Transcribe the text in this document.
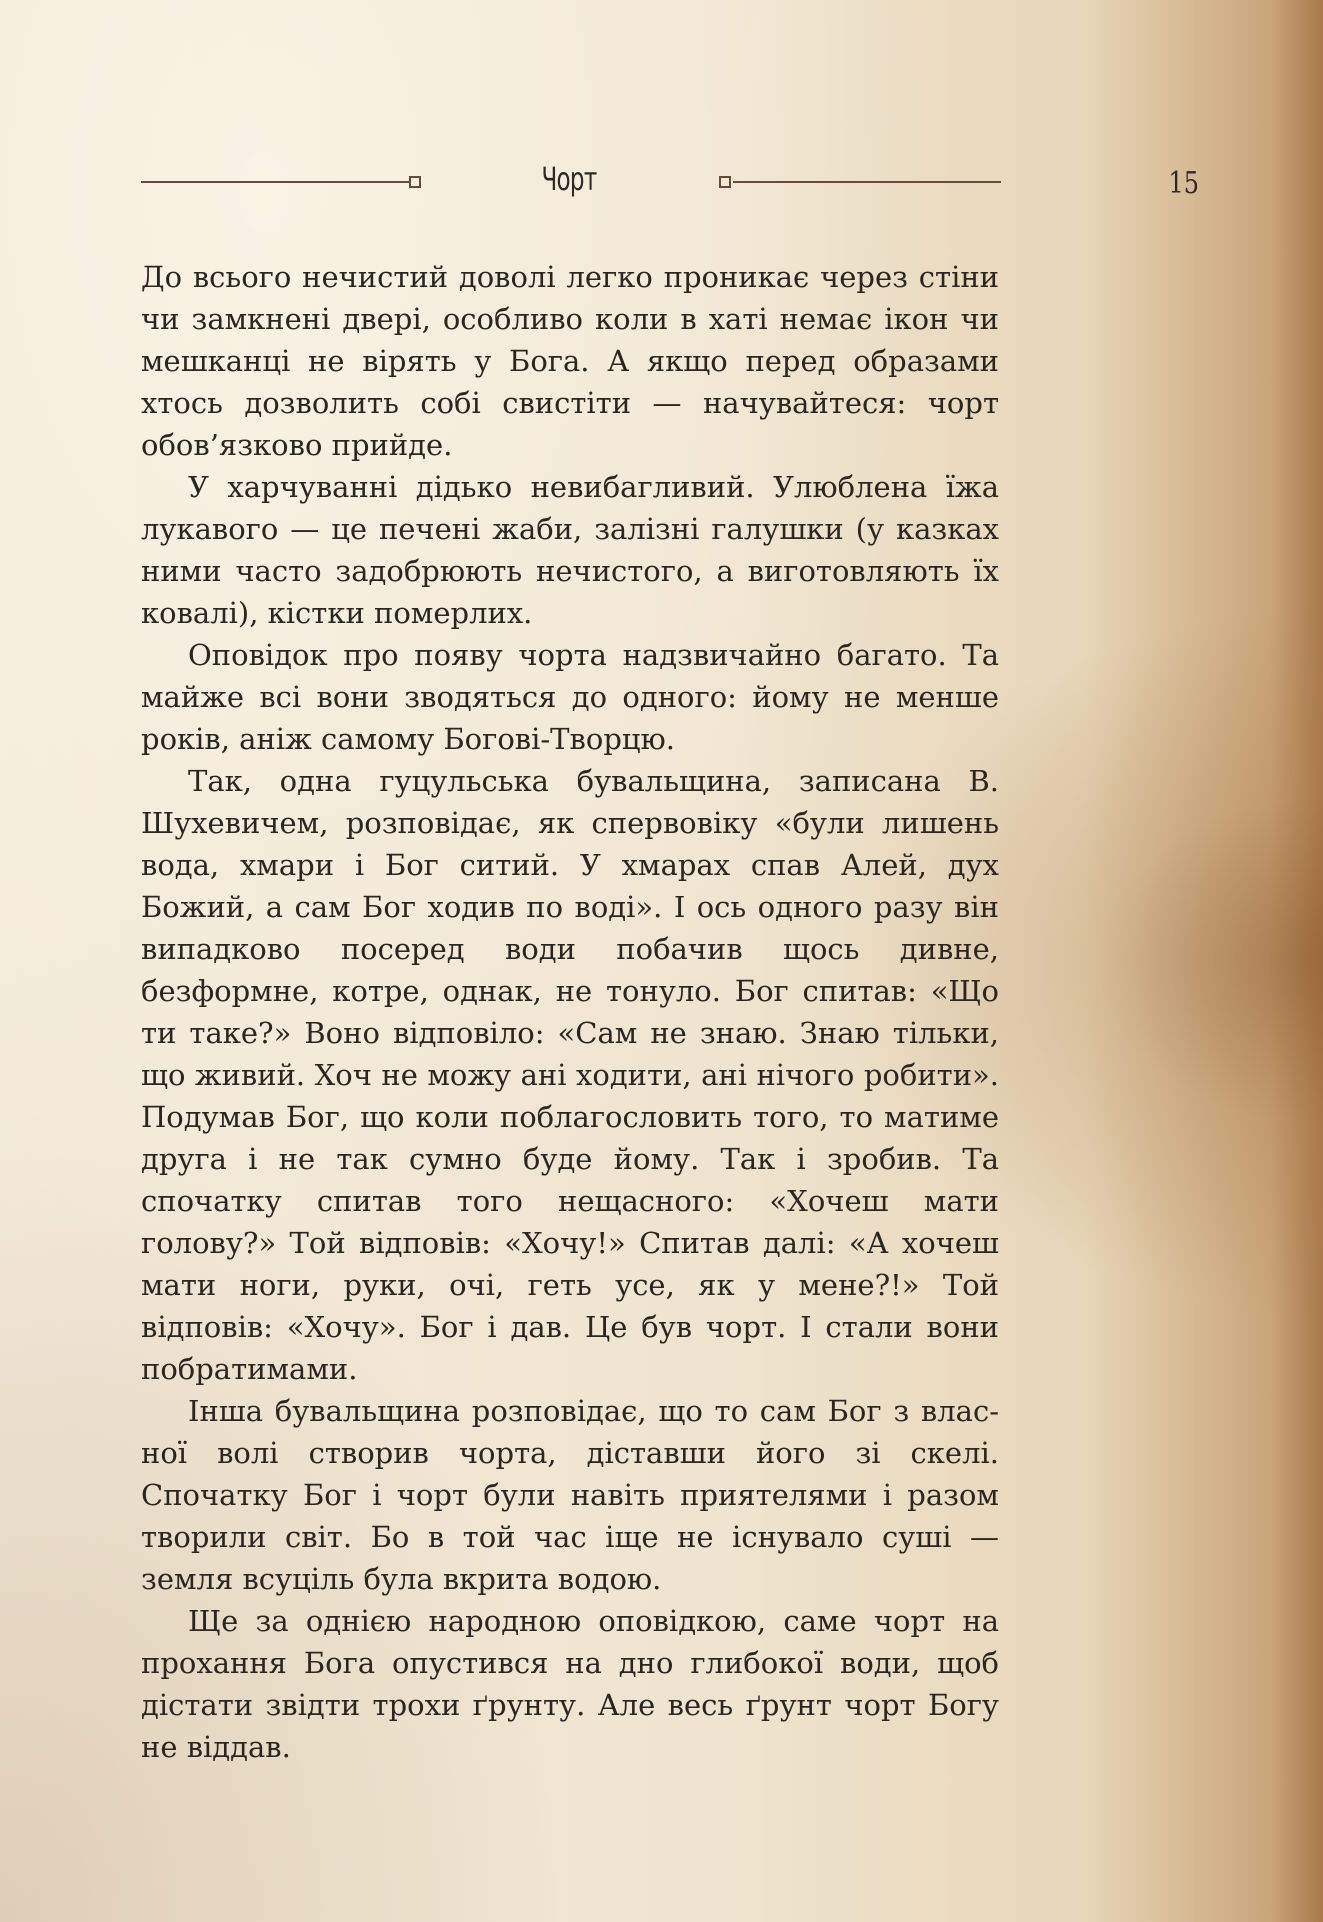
Чорт	15

До всього нечистий доволі легко проникає через стіни чи замкнені двері, особливо коли в хаті немає ікон чи мешканці не вірять у Бога. А якщо перед образами хтось дозволить собі свистіти — начувайтеся: чорт обов’язково прийде.

У харчуванні дідько невибагливий. Улюблена їжа лукавого — це печені жаби, залізні галушки (у казках ними часто задобрюють нечистого, а виготовляють їх ковалі), кістки померлих.

Оповідок про появу чорта надзвичайно багато. Та майже всі вони зводяться до одного: йому не менше років, аніж самому Богові-Творцю.

Так, одна гуцульська бувальщина, записана В. Шухевичем, розповідає, як спервовіку «були лишень вода, хмари і Бог ситий. У хмарах спав Алей, дух Божий, а сам Бог ходив по воді». І ось одного разу він випадково посеред води побачив щось дивне, безформне, котре, однак, не тонуло. Бог спитав: «Що ти таке?» Воно відповіло: «Сам не знаю. Знаю тільки, що живий. Хоч не можу ані ходити, ані нічого робити». Подумав Бог, що коли поблагословить того, то матиме друга і не так сумно буде йому. Так і зробив. Та спочатку спитав того нещасного: «Хочеш мати голову?» Той відповів: «Хочу!» Спитав далі: «А хочеш мати ноги, руки, очі, геть усе, як у мене?!» Той відповів: «Хочу». Бог і дав. Це був чорт. І стали вони побратимами.

Інша бувальщина розповідає, що то сам Бог з власної волі створив чорта, діставши його зі скелі. Спочатку Бог і чорт були навіть приятелями і разом творили світ. Бо в той час іще не існувало суші — земля всуціль була вкрита водою.

Ще за однією народною оповідкою, саме чорт на прохання Бога опустився на дно глибокої води, щоб дістати звідти трохи ґрунту. Але весь ґрунт чорт Богу не віддав.
